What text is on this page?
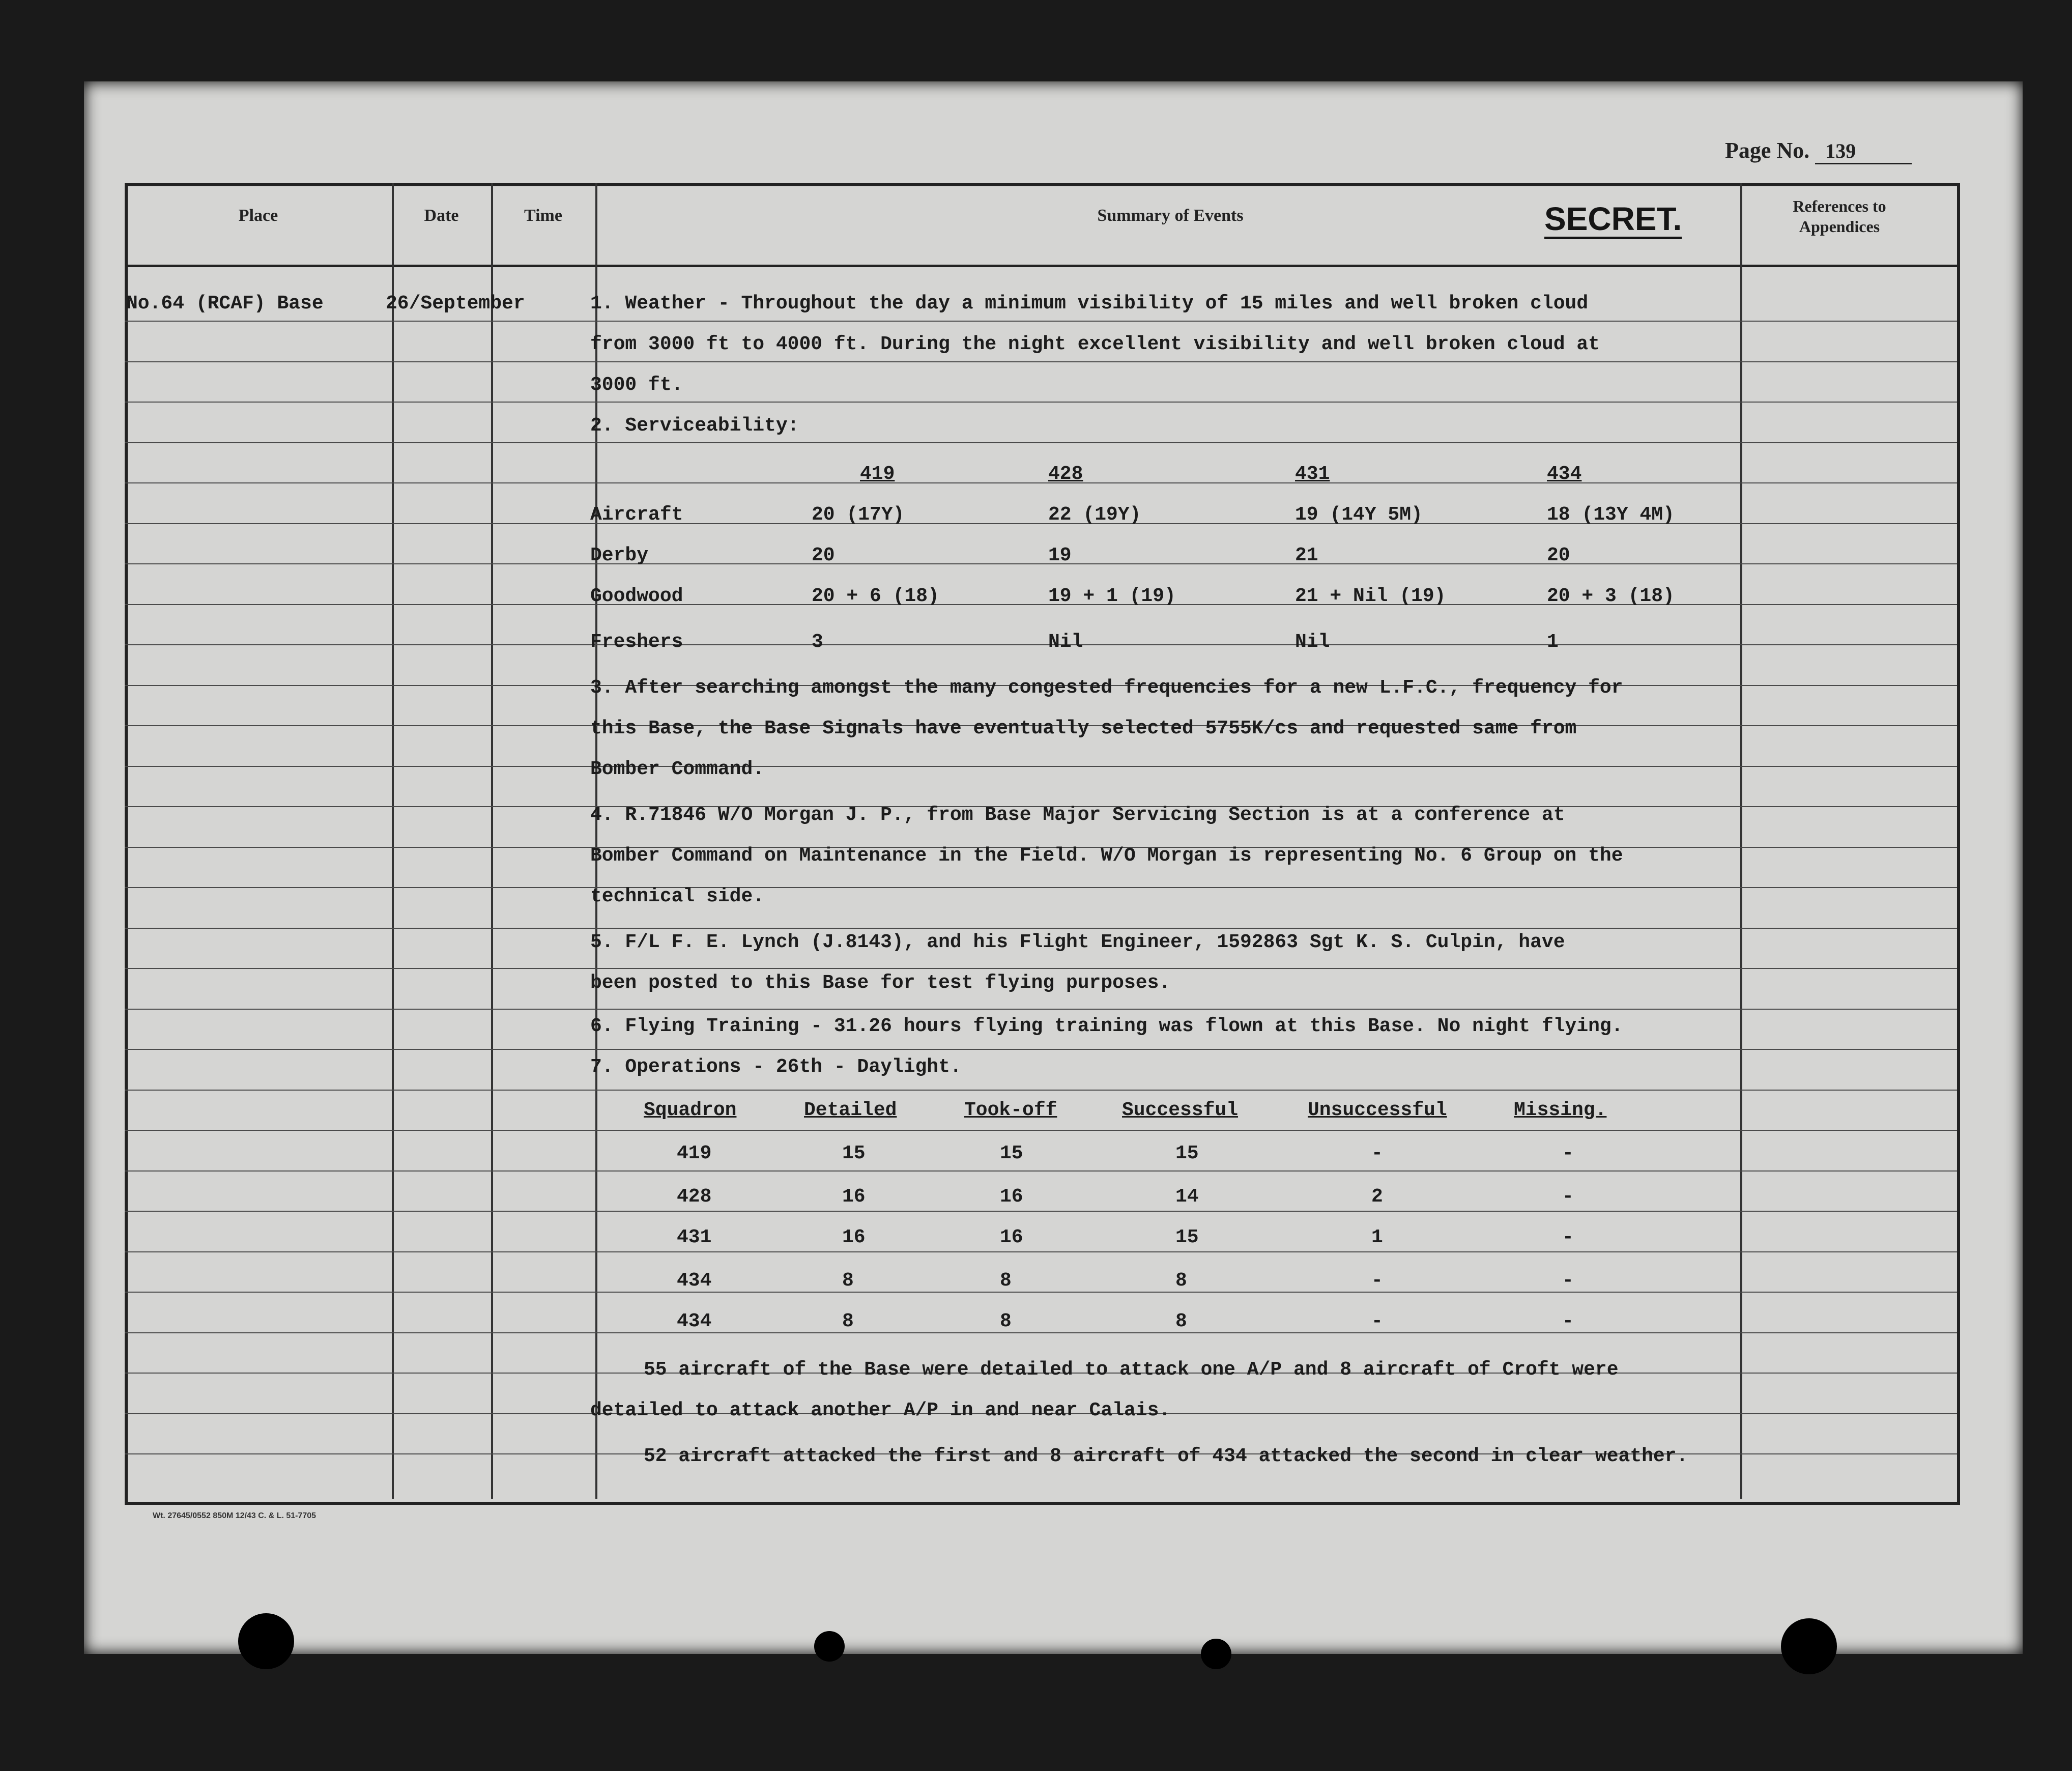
Page No. 139
Place	Date	Time	Summary of Events	References to Appendices
SECRET.
No.64 (RCAF) Base	26/September	1. Weather - Throughout the day a minimum visibility of 15 miles and well broken cloud
from 3000 ft to 4000 ft. During the night excellent visibility and well broken cloud at
3000 ft.
2. Serviceability:
419	428	431	434
Aircraft	20 (17Y)	22 (19Y)	19 (14Y 5M)	18 (13Y 4M)
Derby	20	19	21	20
Goodwood	20 + 6 (18)	19 + 1 (19)	21 + Nil (19)	20 + 3 (18)
Freshers	3	Nil	Nil	1
3. After searching amongst the many congested frequencies for a new L.F.C., frequency for
this Base, the Base Signals have eventually selected 5755K/cs and requested same from
Bomber Command.
4. R.71846 W/O Morgan J. P., from Base Major Servicing Section is at a conference at
Bomber Command on Maintenance in the Field. W/O Morgan is representing No. 6 Group on the
technical side.
5. F/L F. E. Lynch (J.8143), and his Flight Engineer, 1592863 Sgt K. S. Culpin, have
been posted to this Base for test flying purposes.
6. Flying Training - 31.26 hours flying training was flown at this Base. No night flying.
7. Operations - 26th - Daylight.
Squadron	Detailed	Took-off	Successful	Unsuccessful	Missing.
419	15	15	15	-	-
428	16	16	14	2	-
431	16	16	15	1	-
434	8	8	8	-	-
434	8	8	8	-	-
55 aircraft of the Base were detailed to attack one A/P and 8 aircraft of Croft were
detailed to attack another A/P in and near Calais.
52 aircraft attacked the first and 8 aircraft of 434 attacked the second in clear weather.
Wt. 27645/0552 850M 12/43 C. & L. 51-7705
